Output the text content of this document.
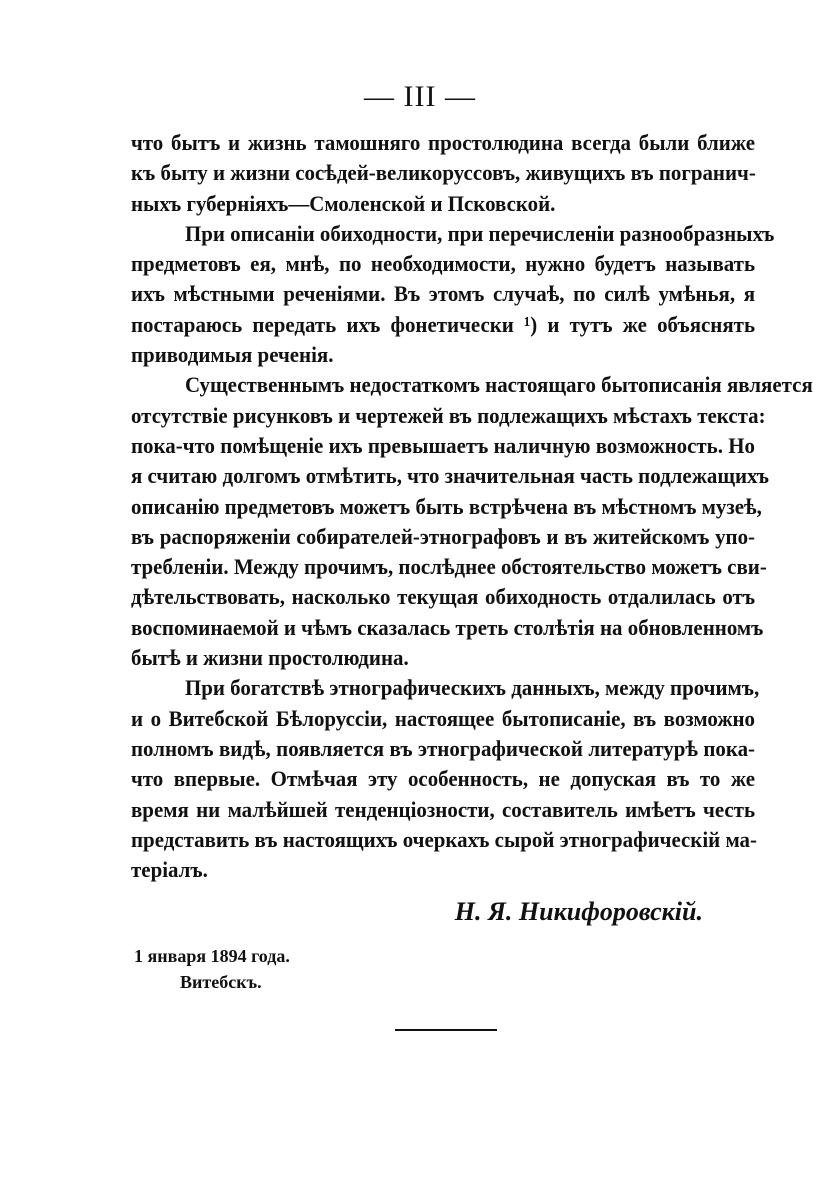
— III —
что бытъ и жизнь тамошняго простолюдина всегда были ближе
къ быту и жизни сосѣдей-великоруссовъ, живущихъ въ погранич-
ныхъ губерніяхъ—Смоленской и Псковской.
При описаніи обиходности, при перечисленіи разнообразныхъ
предметовъ ея, мнѣ, по необходимости, нужно будетъ называть
ихъ мѣстными реченіями. Въ этомъ случаѣ, по силѣ умѣнья, я
постараюсь передать ихъ фонетически ¹) и тутъ же объяснять
приводимыя реченія.
Существеннымъ недостаткомъ настоящаго бытописанія является
отсутствіе рисунковъ и чертежей въ подлежащихъ мѣстахъ текста:
пока-что помѣщеніе ихъ превышаетъ наличную возможность. Но
я считаю долгомъ отмѣтить, что значительная часть подлежащихъ
описанію предметовъ можетъ быть встрѣчена въ мѣстномъ музеѣ,
въ распоряженіи собирателей-этнографовъ и въ житейскомъ упо-
требленіи. Между прочимъ, послѣднее обстоятельство можетъ сви-
дѣтельствовать, насколько текущая обиходность отдалилась отъ
воспоминаемой и чѣмъ сказалась треть столѣтія на обновленномъ
бытѣ и жизни простолюдина.
При богатствѣ этнографическихъ данныхъ, между прочимъ,
и о Витебской Бѣлоруссіи, настоящее бытописаніе, въ возможно
полномъ видѣ, появляется въ этнографической литературѣ пока-
что впервые. Отмѣчая эту особенность, не допуская въ то же
время ни малѣйшей тенденціозности, составитель имѣетъ честь
представить въ настоящихъ очеркахъ сырой этнографическій ма-
теріалъ.
Н. Я. Никифоровскій.
1 января 1894 года.
Витебскъ.
